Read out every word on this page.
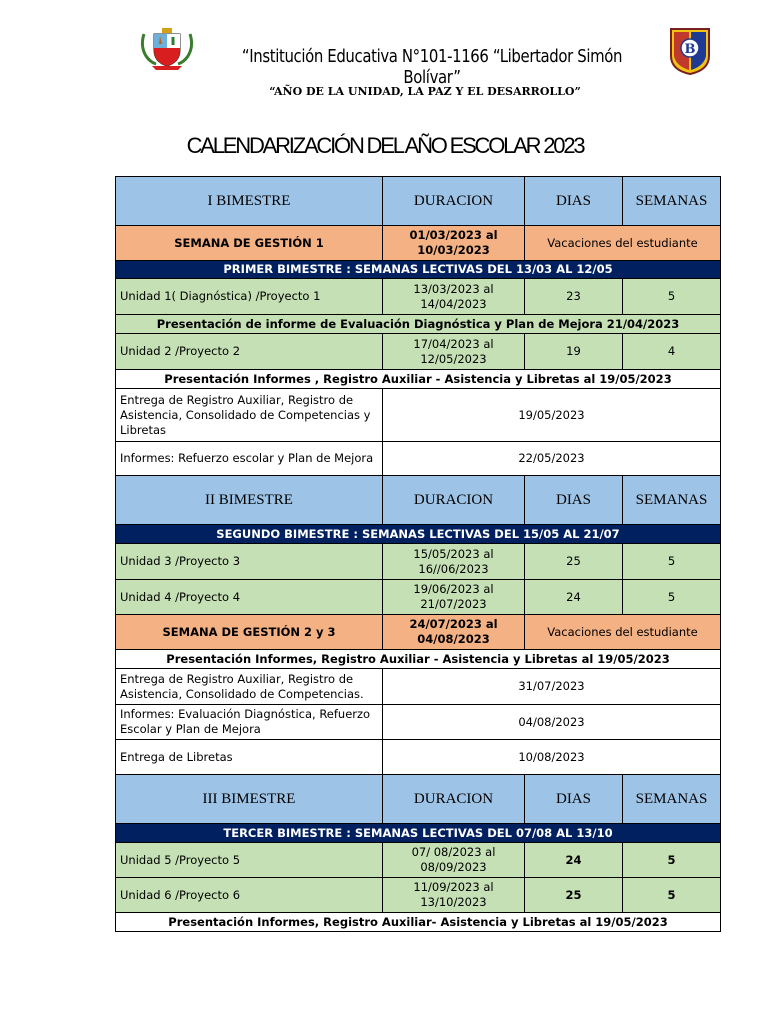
B
“Institución Educativa N°101-1166 “Libertador Simón Bolívar”
“AÑO DE LA UNIDAD, LA PAZ Y EL DESARROLLO”
CALENDARIZACIÓN DEL AÑO ESCOLAR 2023
I BIMESTRE	DURACION	DIAS	SEMANAS
SEMANA DE GESTIÓN 1	01/03/2023 al 10/03/2023	Vacaciones del estudiante	
PRIMER BIMESTRE : SEMANAS LECTIVAS DEL 13/03 AL 12/05			
Unidad 1( Diagnóstica) /Proyecto 1	13/03/2023 al 14/04/2023	23	5
Presentación de informe de Evaluación Diagnóstica y Plan de Mejora 21/04/2023			
Unidad 2 /Proyecto 2	17/04/2023 al 12/05/2023	19	4
Presentación Informes , Registro Auxiliar - Asistencia y Libretas al 19/05/2023			
Entrega de Registro Auxiliar, Registro de Asistencia, Consolidado de Competencias y Libretas	19/05/2023		
Informes: Refuerzo escolar y Plan de Mejora	22/05/2023		
II BIMESTRE	DURACION	DIAS	SEMANAS
SEGUNDO BIMESTRE : SEMANAS LECTIVAS DEL 15/05 AL 21/07			
Unidad 3 /Proyecto 3	15/05/2023 al 16//06/2023	25	5
Unidad 4 /Proyecto 4	19/06/2023 al 21/07/2023	24	5
SEMANA DE GESTIÓN 2 y 3	24/07/2023 al 04/08/2023	Vacaciones del estudiante	
Presentación Informes, Registro Auxiliar - Asistencia y Libretas al 19/05/2023			
Entrega de Registro Auxiliar, Registro de Asistencia, Consolidado de Competencias.	31/07/2023		
Informes: Evaluación Diagnóstica, Refuerzo Escolar y Plan de Mejora	04/08/2023		
Entrega de Libretas	10/08/2023		
III BIMESTRE	DURACION	DIAS	SEMANAS
TERCER BIMESTRE : SEMANAS LECTIVAS DEL 07/08 AL 13/10			
Unidad 5 /Proyecto 5	07/ 08/2023 al 08/09/2023	24	5
Unidad 6 /Proyecto 6	11/09/2023 al 13/10/2023	25	5
Presentación Informes, Registro Auxiliar- Asistencia y Libretas al 19/05/2023			
